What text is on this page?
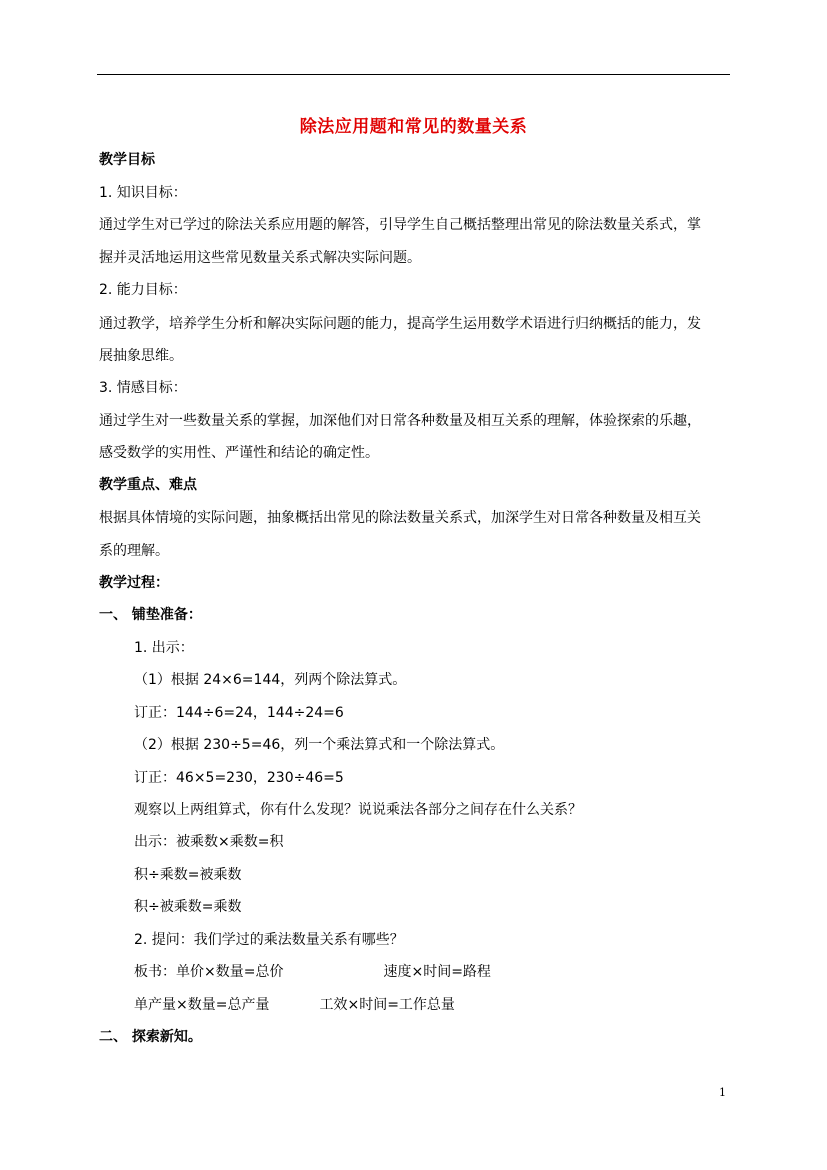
除法应用题和常见的数量关系
教学目标
1. 知识目标：
通过学生对已学过的除法关系应用题的解答，引导学生自己概括整理出常见的除法数量关系式，掌
握并灵活地运用这些常见数量关系式解决实际问题。
2. 能力目标：
通过教学，培养学生分析和解决实际问题的能力，提高学生运用数学术语进行归纳概括的能力，发
展抽象思维。
3. 情感目标：
通过学生对一些数量关系的掌握，加深他们对日常各种数量及相互关系的理解，体验探索的乐趣，
感受数学的实用性、严谨性和结论的确定性。
教学重点、难点
根据具体情境的实际问题，抽象概括出常见的除法数量关系式，加深学生对日常各种数量及相互关
系的理解。
教学过程：
一、 铺垫准备：
1. 出示：
（1）根据 24×6=144，列两个除法算式。
订正：144÷6=24，144÷24=6
（2）根据 230÷5=46，列一个乘法算式和一个除法算式。
订正：46×5=230，230÷46=5
观察以上两组算式，你有什么发现？说说乘法各部分之间存在什么关系？
出示：被乘数×乘数=积
积÷乘数=被乘数
积÷被乘数=乘数
2. 提问：我们学过的乘法数量关系有哪些？
板书：单价×数量=总价	速度×时间=路程
单产量×数量=总产量	工效×时间=工作总量
二、 探索新知。
1
